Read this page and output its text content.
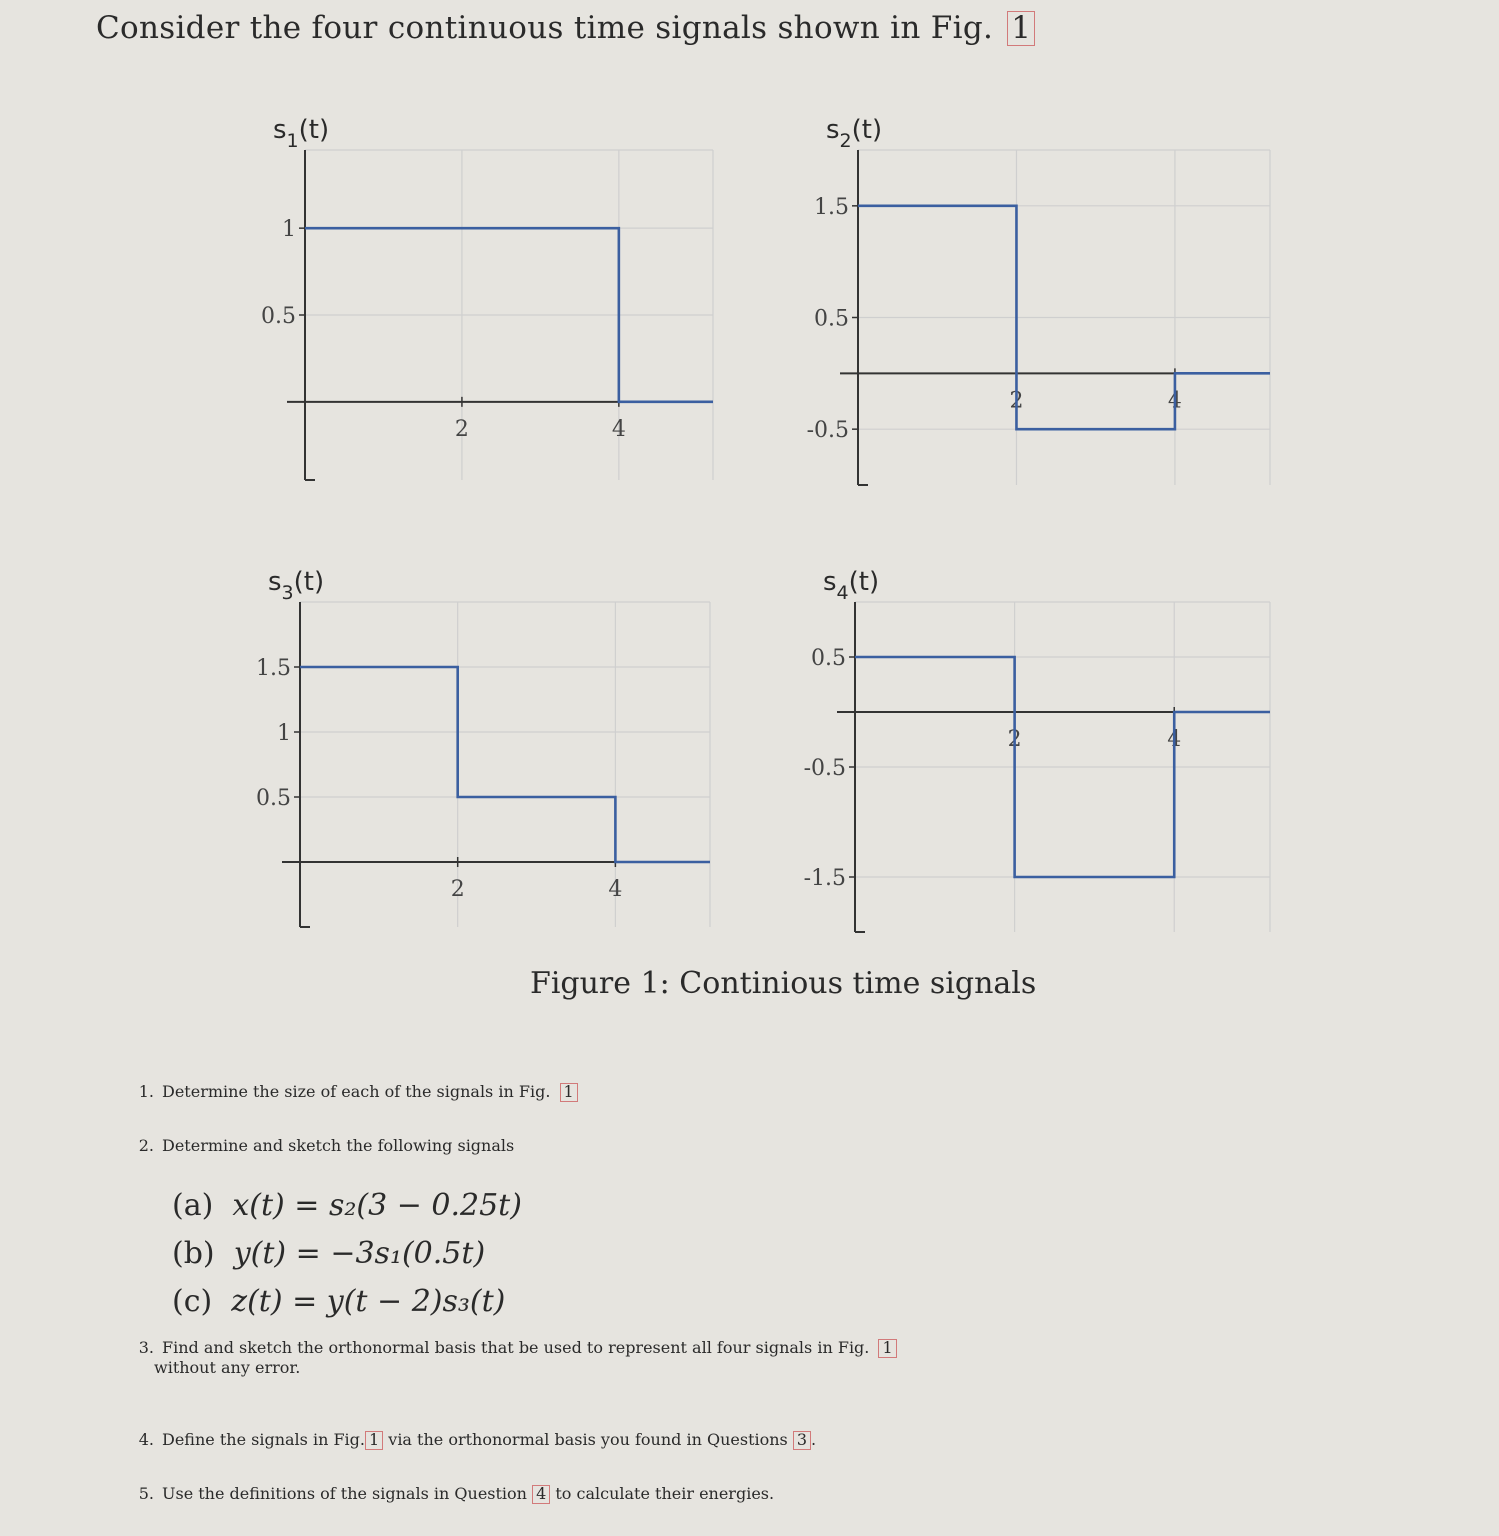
Consider the four continuous time signals shown in Fig. 1
1
0.5
2	4
$s_1(t)$
1.5
0.5
-0.5
2	4
$s_2(t)$
1.5
1
0.5
2	4
$s_3(t)$
0.5
-0.5
-1.5
2	4
$s_4(t)$
Figure 1: Continious time signals
1. Determine the size of each of the signals in Fig. 1
2. Determine and sketch the following signals
(a) x(t) = s₂(3 − 0.25t)
(b) y(t) = −3s₁(0.5t)
(c) z(t) = y(t − 2)s₃(t)
3. Find and sketch the orthonormal basis that be used to represent all four signals in Fig. 1
without any error.
4. Define the signals in Fig. 1 via the orthonormal basis you found in Questions 3 .
5. Use the definitions of the signals in Question 4 to calculate their energies.
